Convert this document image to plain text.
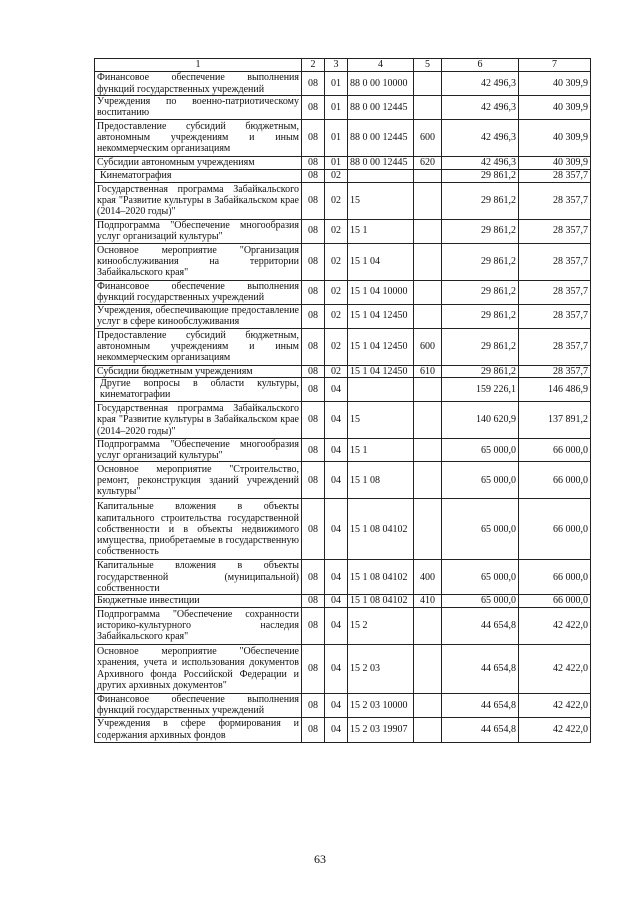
1	2	3	4	5	6	7
Финансовое обеспечение выполнения функций государственных учреждений	08	01	88 0 00 10000		42 496,3	40 309,9
Учреждения по военно-патриотическому воспитанию	08	01	88 0 00 12445		42 496,3	40 309,9
Предоставление субсидий бюджетным, автономным учреждениям и иным некоммерческим организациям	08	01	88 0 00 12445	600	42 496,3	40 309,9
Субсидии автономным учреждениям	08	01	88 0 00 12445	620	42 496,3	40 309,9
Кинематография	08	02			29 861,2	28 357,7
Государственная программа Забайкальского края "Развитие культуры в Забайкальском крае (2014–2020 годы)"	08	02	15		29 861,2	28 357,7
Подпрограмма "Обеспечение многообразия услуг организаций культуры"	08	02	15 1		29 861,2	28 357,7
Основное мероприятие "Организация кинообслуживания на территории Забайкальского края"	08	02	15 1 04		29 861,2	28 357,7
Финансовое обеспечение выполнения функций государственных учреждений	08	02	15 1 04 10000		29 861,2	28 357,7
Учреждения, обеспечивающие предоставление услуг в сфере кинообслуживания	08	02	15 1 04 12450		29 861,2	28 357,7
Предоставление субсидий бюджетным, автономным учреждениям и иным некоммерческим организациям	08	02	15 1 04 12450	600	29 861,2	28 357,7
Субсидии бюджетным учреждениям	08	02	15 1 04 12450	610	29 861,2	28 357,7
Другие вопросы в области культуры, кинематографии	08	04			159 226,1	146 486,9
Государственная программа Забайкальского края "Развитие культуры в Забайкальском крае (2014–2020 годы)"	08	04	15		140 620,9	137 891,2
Подпрограмма "Обеспечение многообразия услуг организаций культуры"	08	04	15 1		65 000,0	66 000,0
Основное мероприятие "Строительство, ремонт, реконструкция зданий учреждений культуры"	08	04	15 1 08		65 000,0	66 000,0
Капитальные вложения в объекты капитального строительства государственной собственности и в объекты недвижимого имущества, приобретаемые в государственную собственность	08	04	15 1 08 04102		65 000,0	66 000,0
Капитальные вложения в объекты государственной (муниципальной) собственности	08	04	15 1 08 04102	400	65 000,0	66 000,0
Бюджетные инвестиции	08	04	15 1 08 04102	410	65 000,0	66 000,0
Подпрограмма "Обеспечение сохранности историко-культурного наследия Забайкальского края"	08	04	15 2		44 654,8	42 422,0
Основное мероприятие "Обеспечение хранения, учета и использования документов Архивного фонда Российской Федерации и других архивных документов"	08	04	15 2 03		44 654,8	42 422,0
Финансовое обеспечение выполнения функций государственных учреждений	08	04	15 2 03 10000		44 654,8	42 422,0
Учреждения в сфере формирования и содержания архивных фондов	08	04	15 2 03 19907		44 654,8	42 422,0
63
